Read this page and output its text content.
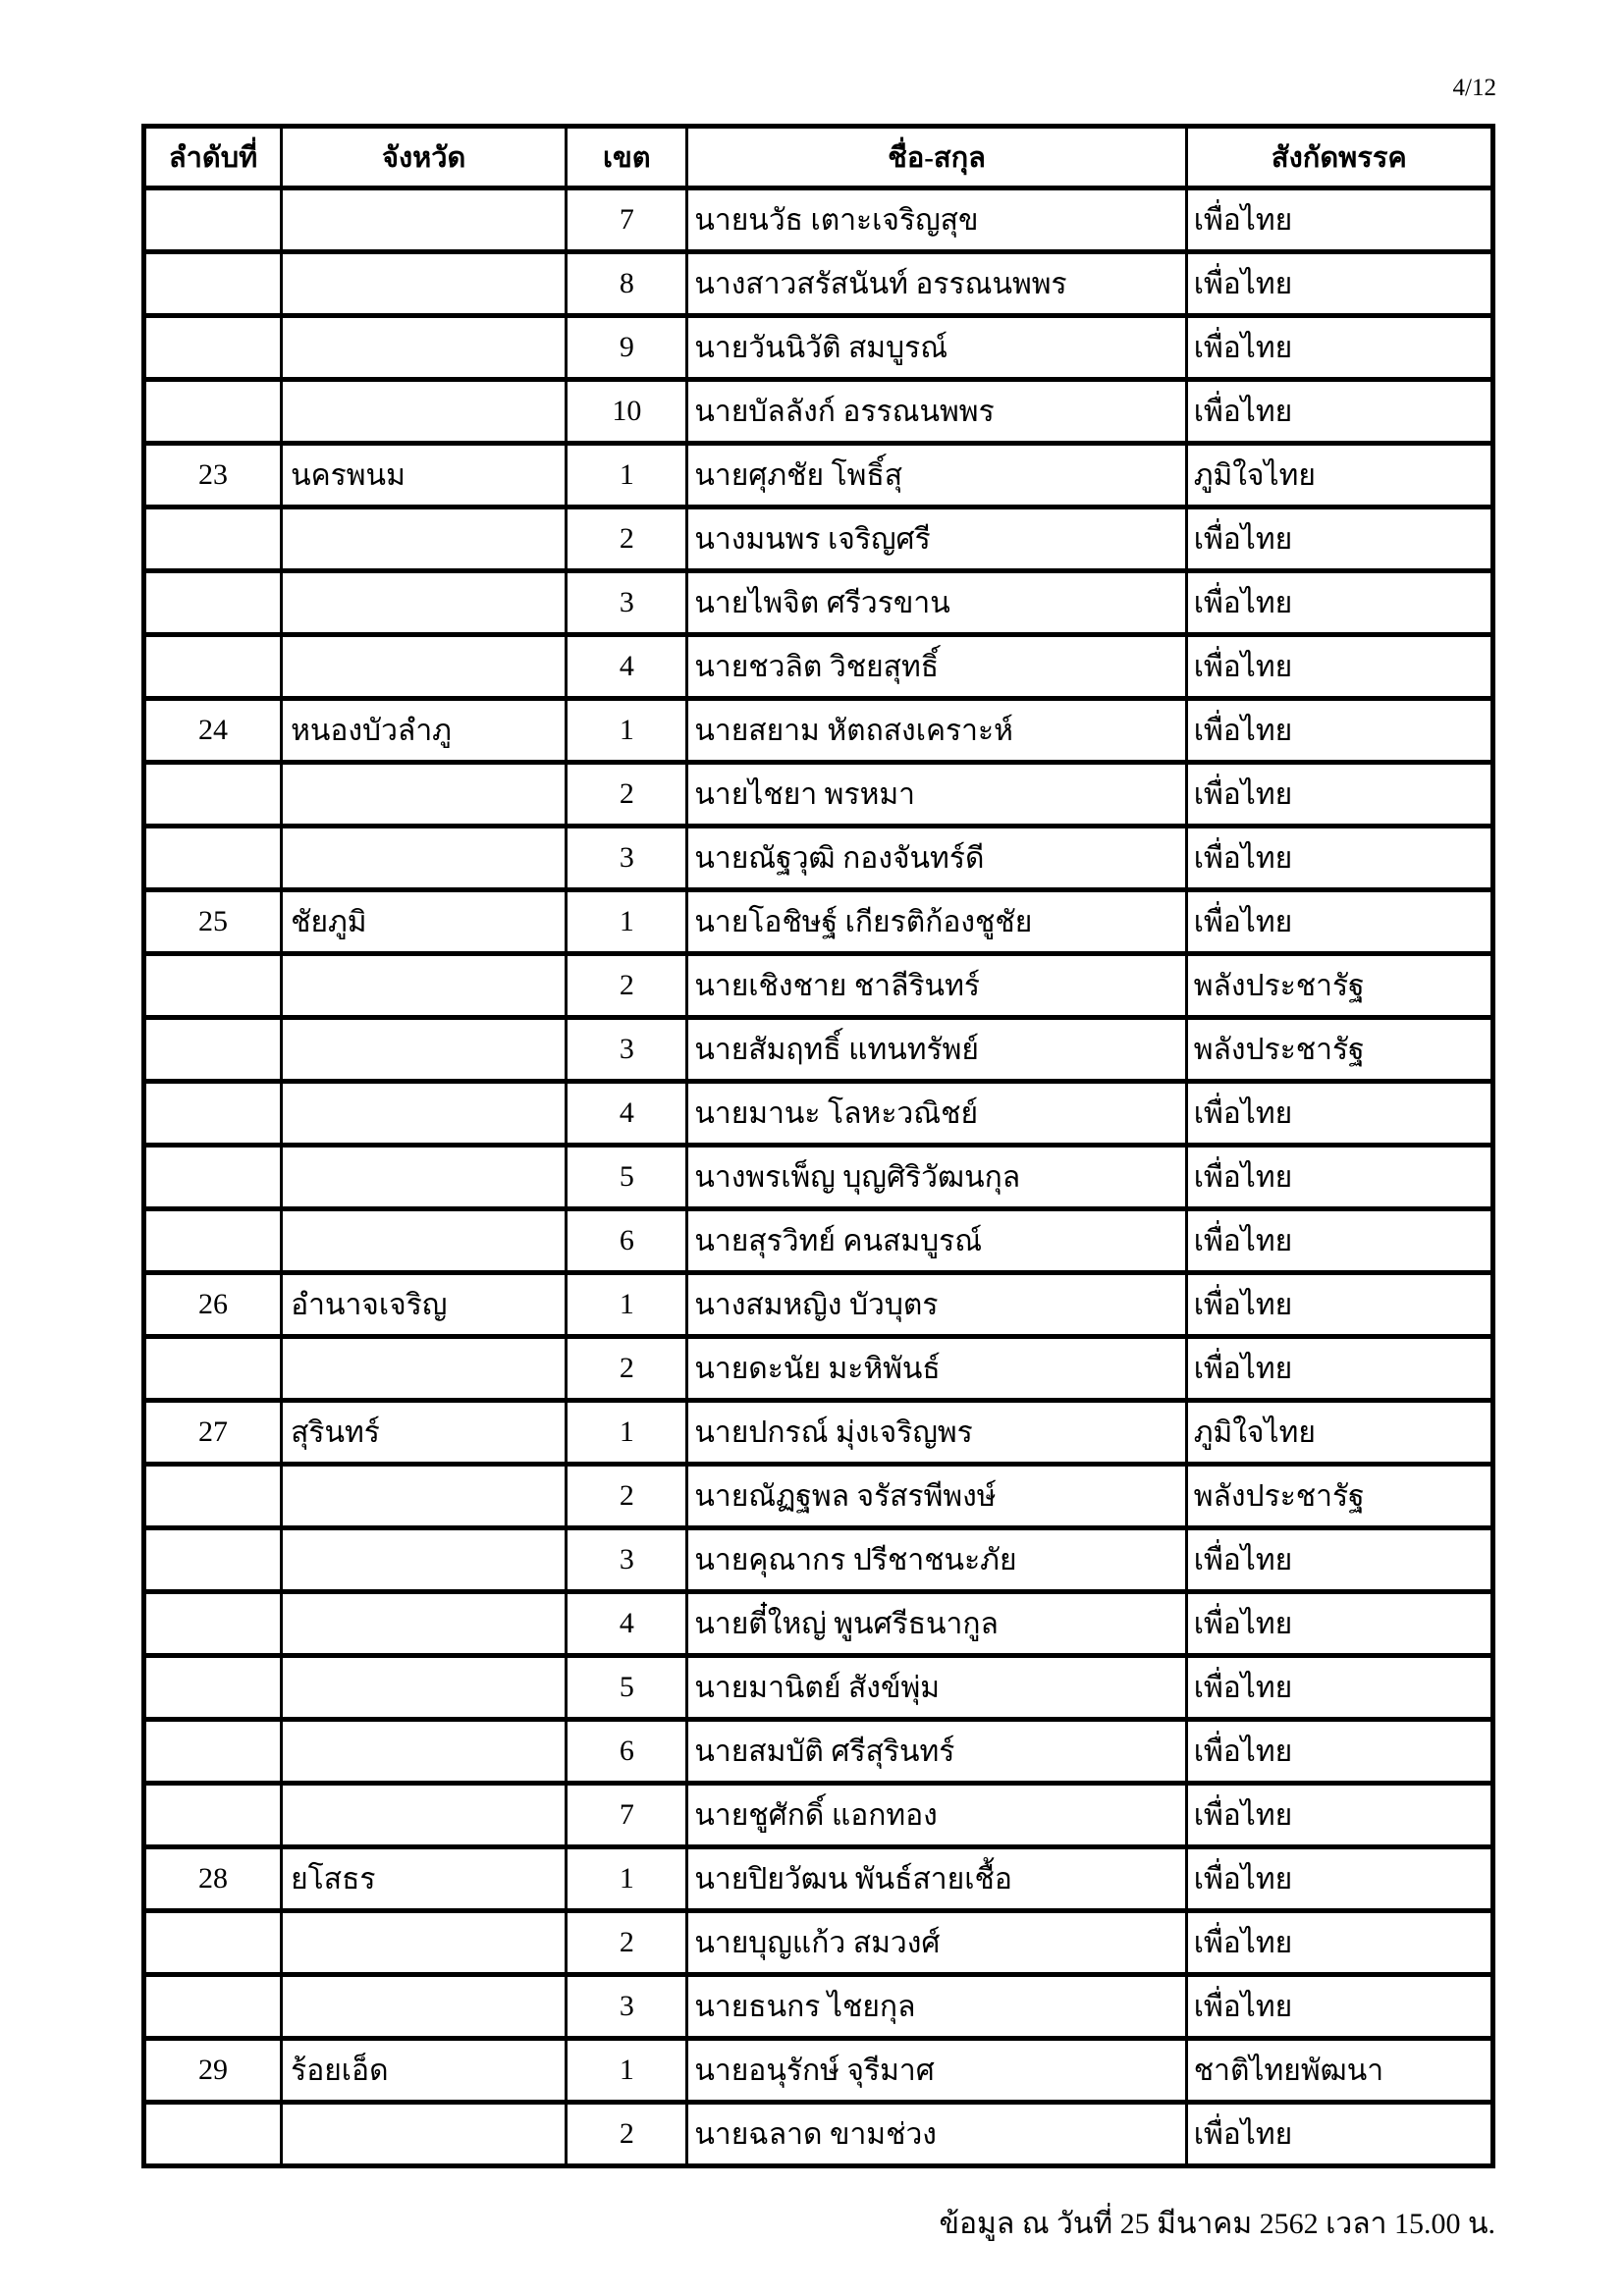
4/12
ลำดับที่	จังหวัด	เขต	ชื่อ-สกุล	สังกัดพรรค
		7	นายนวัธ เตาะเจริญสุข	เพื่อไทย
		8	นางสาวสรัสนันท์ อรรณนพพร	เพื่อไทย
		9	นายวันนิวัติ สมบูรณ์	เพื่อไทย
		10	นายบัลลังก์ อรรณนพพร	เพื่อไทย
23	นครพนม	1	นายศุภชัย โพธิ์สุ	ภูมิใจไทย
		2	นางมนพร เจริญศรี	เพื่อไทย
		3	นายไพจิต ศรีวรขาน	เพื่อไทย
		4	นายชวลิต วิชยสุทธิ์	เพื่อไทย
24	หนองบัวลำภู	1	นายสยาม หัตถสงเคราะห์	เพื่อไทย
		2	นายไชยา พรหมา	เพื่อไทย
		3	นายณัฐวุฒิ กองจันทร์ดี	เพื่อไทย
25	ชัยภูมิ	1	นายโอชิษฐ์ เกียรติก้องชูชัย	เพื่อไทย
		2	นายเชิงชาย ชาลีรินทร์	พลังประชารัฐ
		3	นายสัมฤทธิ์ แทนทรัพย์	พลังประชารัฐ
		4	นายมานะ โลหะวณิชย์	เพื่อไทย
		5	นางพรเพ็ญ บุญศิริวัฒนกุล	เพื่อไทย
		6	นายสุรวิทย์ คนสมบูรณ์	เพื่อไทย
26	อำนาจเจริญ	1	นางสมหญิง บัวบุตร	เพื่อไทย
		2	นายดะนัย มะหิพันธ์	เพื่อไทย
27	สุรินทร์	1	นายปกรณ์ มุ่งเจริญพร	ภูมิใจไทย
		2	นายณัฏฐพล จรัสรพีพงษ์	พลังประชารัฐ
		3	นายคุณากร ปรีชาชนะภัย	เพื่อไทย
		4	นายตี๋ใหญ่ พูนศรีธนากูล	เพื่อไทย
		5	นายมานิตย์ สังข์พุ่ม	เพื่อไทย
		6	นายสมบัติ ศรีสุรินทร์	เพื่อไทย
		7	นายชูศักดิ์ แอกทอง	เพื่อไทย
28	ยโสธร	1	นายปิยวัฒน พันธ์สายเชื้อ	เพื่อไทย
		2	นายบุญแก้ว สมวงศ์	เพื่อไทย
		3	นายธนกร ไชยกุล	เพื่อไทย
29	ร้อยเอ็ด	1	นายอนุรักษ์ จุรีมาศ	ชาติไทยพัฒนา
		2	นายฉลาด ขามช่วง	เพื่อไทย
ข้อมูล ณ วันที่ 25 มีนาคม 2562 เวลา 15.00 น.
